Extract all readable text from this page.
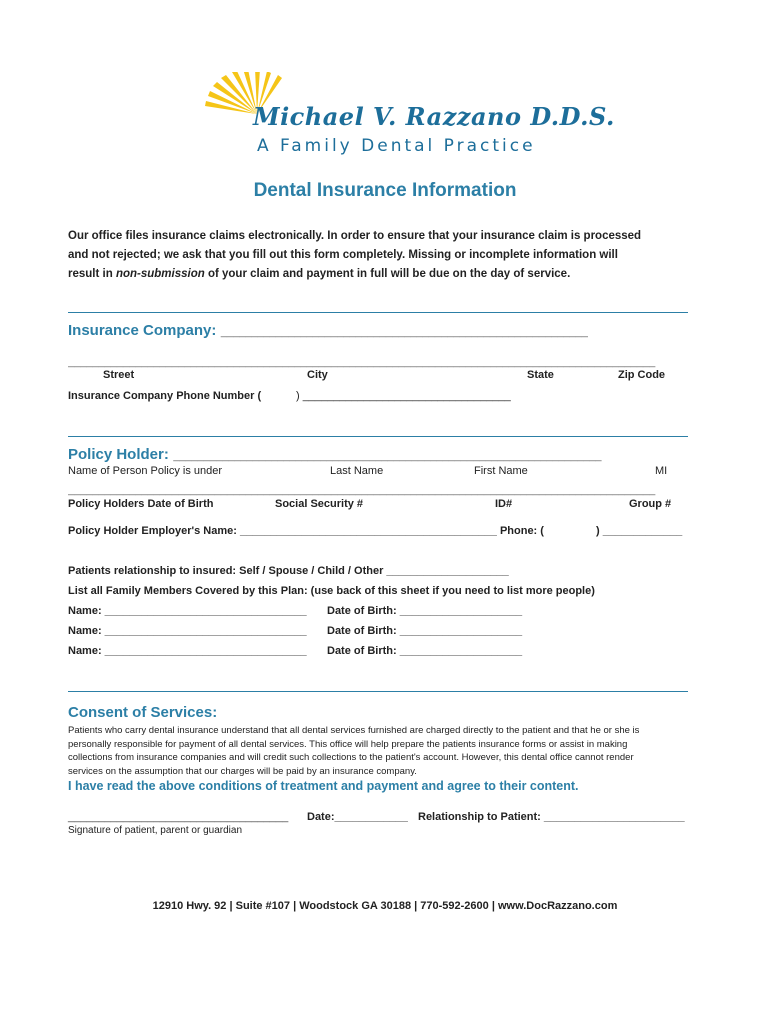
Michael V. Razzano D.D.S.
A Family Dental Practice
Dental Insurance Information
Our office files insurance claims electronically. In order to ensure that your insurance claim is processed
and not rejected; we ask that you fill out this form completely. Missing or incomplete information will
result in non-submission of your claim and payment in full will be due on the day of service.
Insurance Company: ____________________________________________________________
________________________________________________________________________________________________
Street	City	State	Zip Code
Insurance Company Phone Number (	) __________________________________
Policy Holder: ______________________________________________________________________
Name of Person Policy is under	Last Name	First Name	MI
________________________________________________________________________________________________
Policy Holders Date of Birth	Social Security #	ID#	Group #
Policy Holder Employer's Name: __________________________________________ Phone: (	) _____________
Patients relationship to insured: Self / Spouse / Child / Other ____________________
List all Family Members Covered by this Plan: (use back of this sheet if you need to list more people)
Name: _________________________________ Date of Birth: ____________________
Name: _________________________________ Date of Birth: ____________________
Name: _________________________________ Date of Birth: ____________________
Consent of Services:
Patients who carry dental insurance understand that all dental services furnished are charged directly to the patient and that he or she is
personally responsible for payment of all dental services. This office will help prepare the patients insurance forms or assist in making
collections from insurance companies and will credit such collections to the patient's account. However, this dental office cannot render
services on the assumption that our charges will be paid by an insurance company.
I have read the above conditions of treatment and payment and agree to their content.
____________________________________ Date:____________ Relationship to Patient: _______________________
Signature of patient, parent or guardian
12910 Hwy. 92 | Suite #107 | Woodstock GA 30188 | 770-592-2600 | www.DocRazzano.com
